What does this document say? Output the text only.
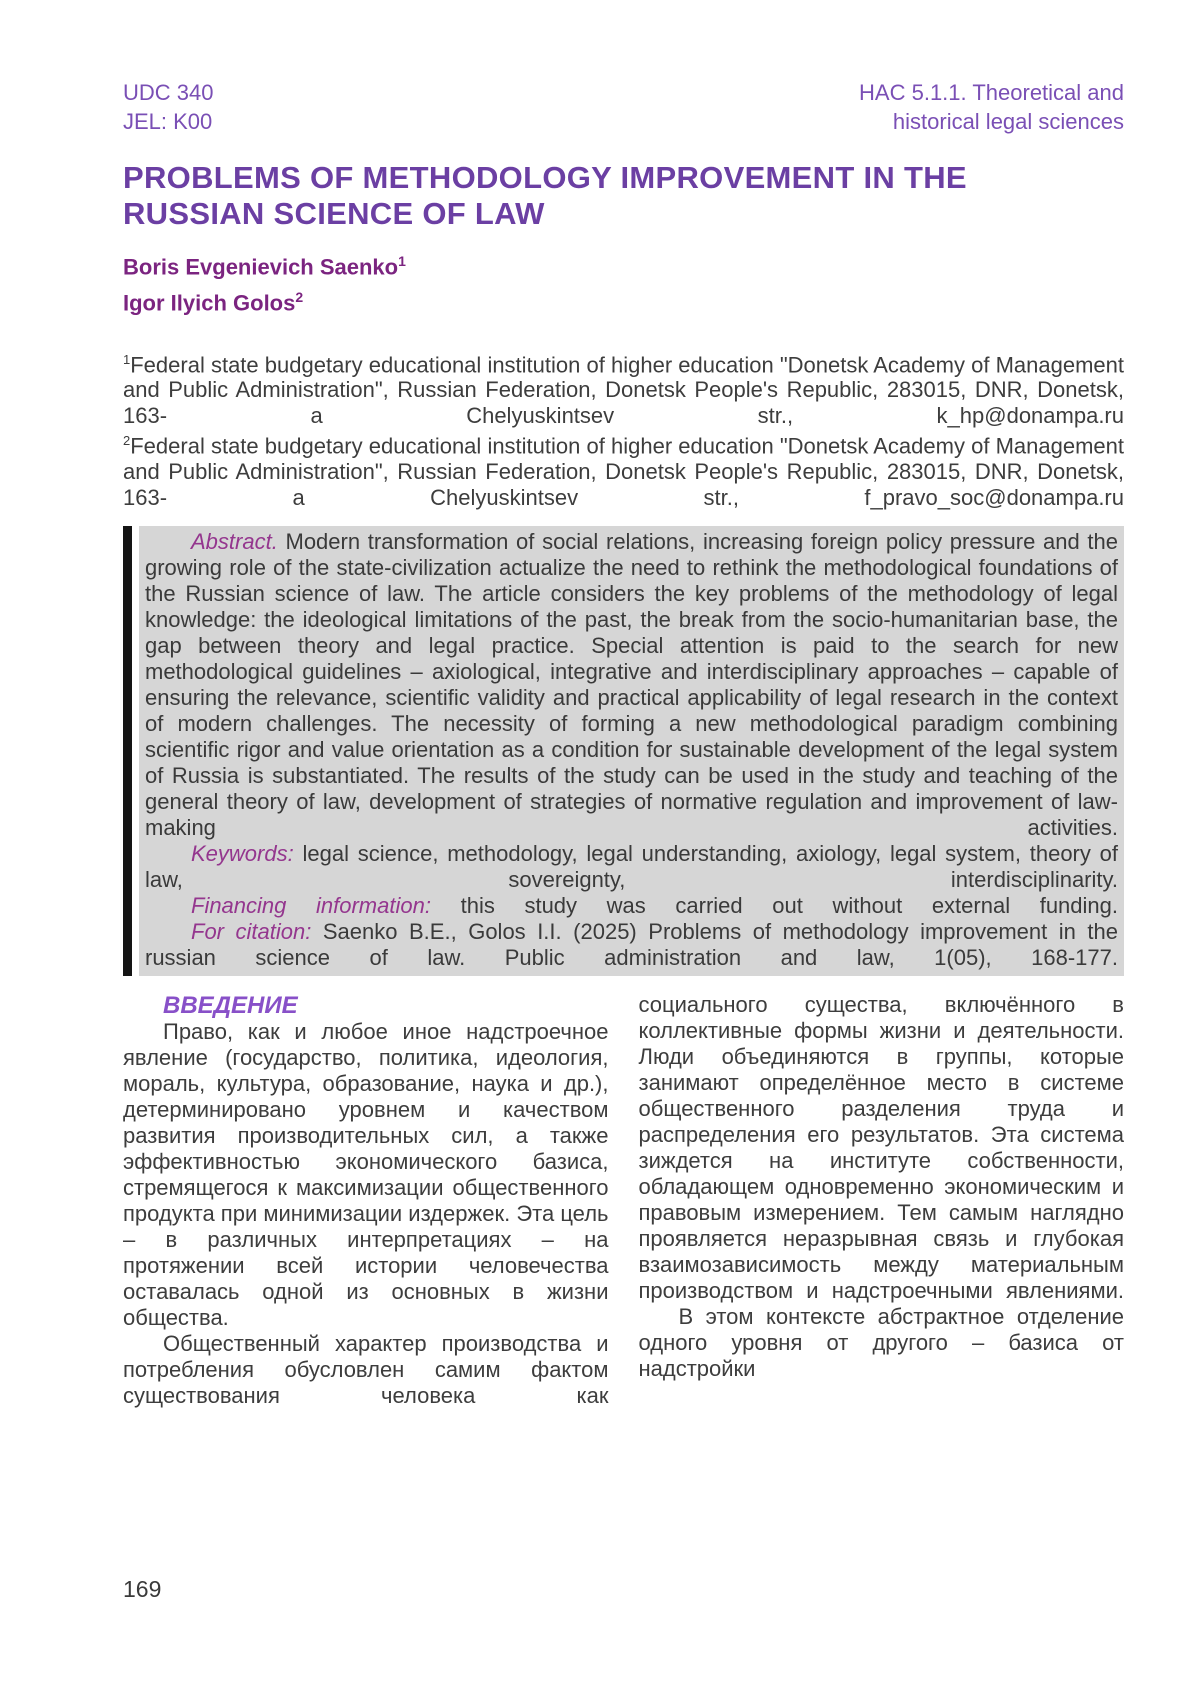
UDC 340
JEL: K00
HAC 5.1.1. Theoretical and historical legal sciences
PROBLEMS OF METHODOLOGY IMPROVEMENT IN THE RUSSIAN SCIENCE OF LAW
Boris Evgenievich Saenko$^1$
Igor Ilyich Golos$^2$

$^1$Federal state budgetary educational institution of higher education "Donetsk Academy of Management and Public Administration", Russian Federation, Donetsk People's Republic, 283015, DNR, Donetsk, 163- a Chelyuskintsev str., k_hp@donampa.ru

$^2$Federal state budgetary educational institution of higher education "Donetsk Academy of Management and Public Administration", Russian Federation, Donetsk People's Republic, 283015, DNR, Donetsk, 163- a Chelyuskintsev str., f_pravo_soc@donampa.ru

Abstract. Modern transformation of social relations, increasing foreign policy pressure and the growing role of the state-civilization actualize the need to rethink the methodological foundations of the Russian science of law. The article considers the key problems of the methodology of legal knowledge: the ideological limitations of the past, the break from the socio-humanitarian base, the gap between theory and legal practice. Special attention is paid to the search for new methodological guidelines – axiological, integrative and interdisciplinary approaches – capable of ensuring the relevance, scientific validity and practical applicability of legal research in the context of modern challenges. The necessity of forming a new methodological paradigm combining scientific rigor and value orientation as a condition for sustainable development of the legal system of Russia is substantiated. The results of the study can be used in the study and teaching of the general theory of law, development of strategies of normative regulation and improvement of law-making activities.

Keywords: legal science, methodology, legal understanding, axiology, legal system, theory of law, sovereignty, interdisciplinarity.

Financing information: this study was carried out without external funding.

For citation: Saenko B.E., Golos I.I. (2025) Problems of methodology improvement in the russian science of law. Public administration and law, 1(05), 168-177.

ВВЕДЕНИЕ

Право, как и любое иное надстроечное явление (государство, политика, идеология, мораль, культура, образование, наука и др.), детерминировано уровнем и качеством развития производительных сил, а также эффективностью экономического базиса, стремящегося к максимизации общественного продукта при минимизации издержек. Эта цель – в различных интерпретациях – на протяжении всей истории человечества оставалась одной из основных в жизни общества.

Общественный характер производства и потребления обусловлен самим фактом существования человека как

социального существа, включённого в коллективные формы жизни и деятельности. Люди объединяются в группы, которые занимают определённое место в системе общественного разделения труда и распределения его результатов. Эта система зиждется на институте собственности, обладающем одновременно экономическим и правовым измерением. Тем самым наглядно проявляется неразрывная связь и глубокая взаимозависимость между материальным производством и надстроечными явлениями.

В этом контексте абстрактное отделение одного уровня от другого – базиса от надстройки

169
